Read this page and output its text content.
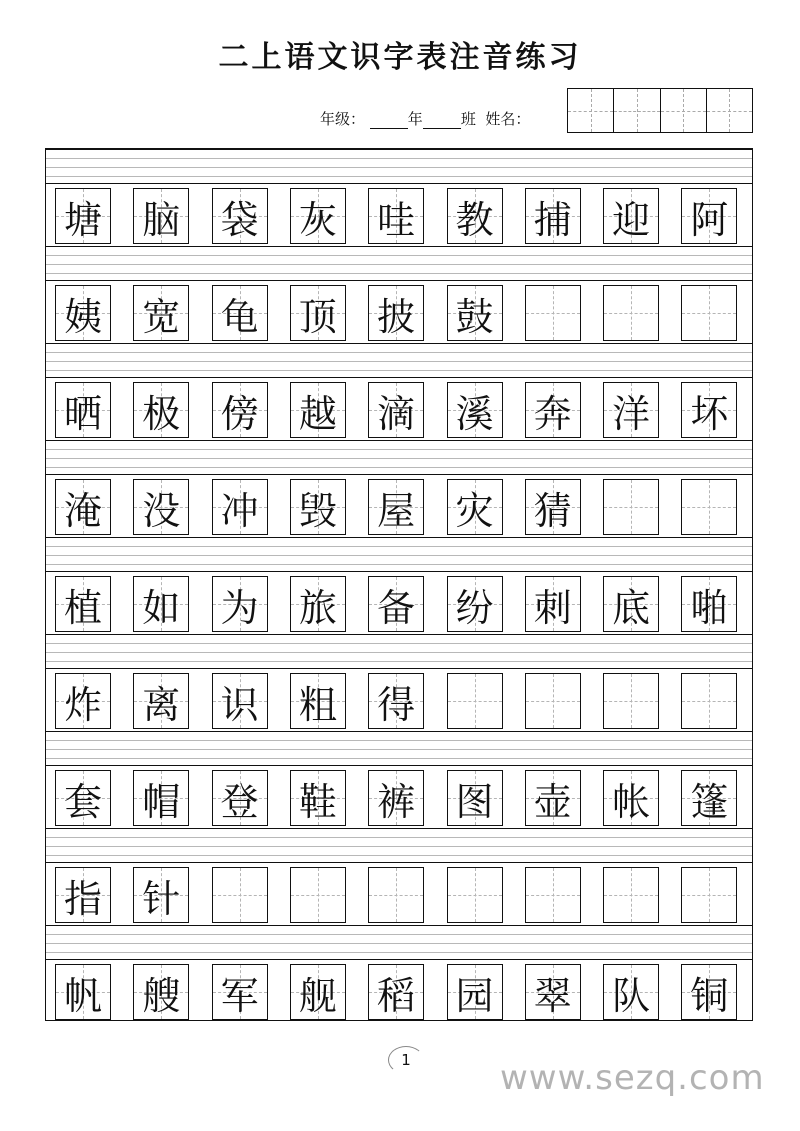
二上语文识字表注音练习
年级：	年	班 姓名：
塘 脑 袋 灰 哇 教 捕 迎 阿
姨 宽 龟 顶 披 鼓
晒 极 傍 越 滴 溪 奔 洋 坏
淹 没 冲 毁 屋 灾 猜
植 如 为 旅 备 纷 刺 底 啪
炸 离 识 粗 得
套 帽 登 鞋 裤 图 壶 帐 篷
指 针
帆 艘 军 舰 稻 园 翠 队 铜
1	www.sezq.com
